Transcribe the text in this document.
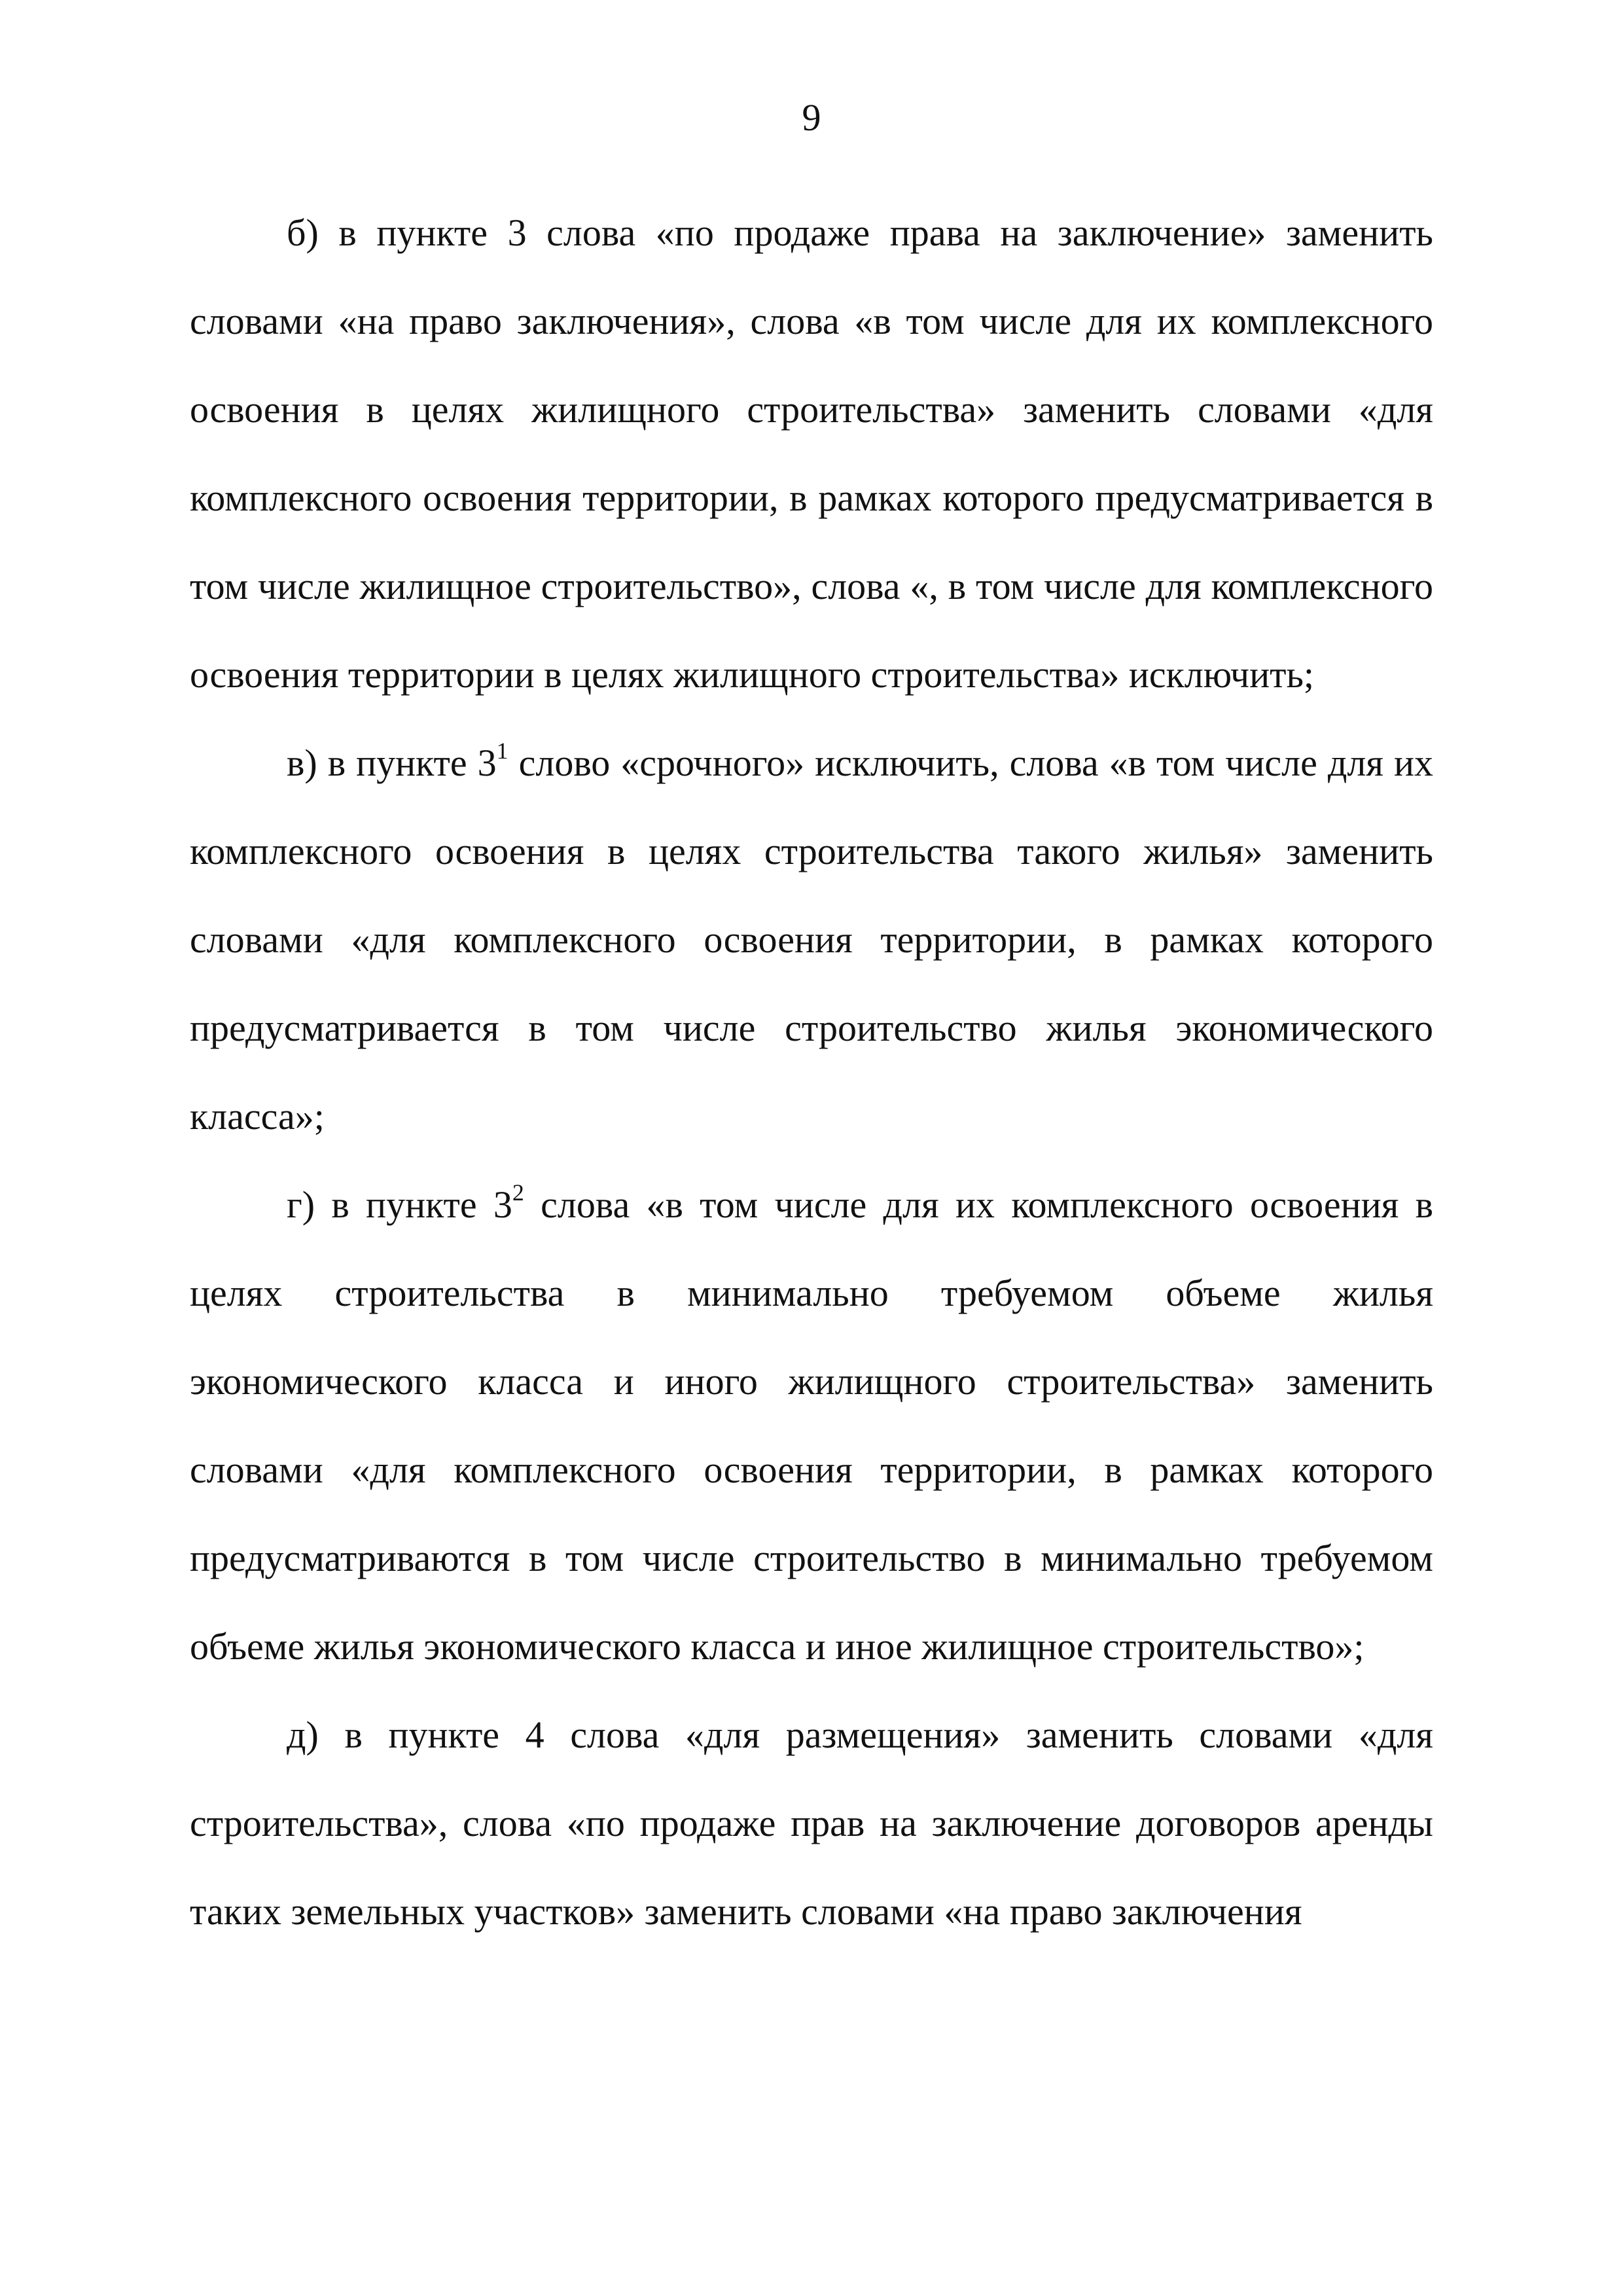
9

б) в пункте 3 слова «по продаже права на заключение» заменить словами «на право заключения», слова «в том числе для их комплексного освоения в целях жилищного строительства» заменить словами «для комплексного освоения территории, в рамках которого предусматривается в том числе жилищное строительство», слова «, в том числе для комплексного освоения территории в целях жилищного строительства» исключить;

в) в пункте $3^1$ слово «срочного» исключить, слова «в том числе для их комплексного освоения в целях строительства такого жилья» заменить словами «для комплексного освоения территории, в рамках которого предусматривается в том числе строительство жилья экономического класса»;

г) в пункте $3^2$ слова «в том числе для их комплексного освоения в целях строительства в минимально требуемом объеме жилья экономического класса и иного жилищного строительства» заменить словами «для комплексного освоения территории, в рамках которого предусматриваются в том числе строительство в минимально требуемом объеме жилья экономического класса и иное жилищное строительство»;

д) в пункте 4 слова «для размещения» заменить словами «для строительства», слова «по продаже прав на заключение договоров аренды таких земельных участков» заменить словами «на право заключения
